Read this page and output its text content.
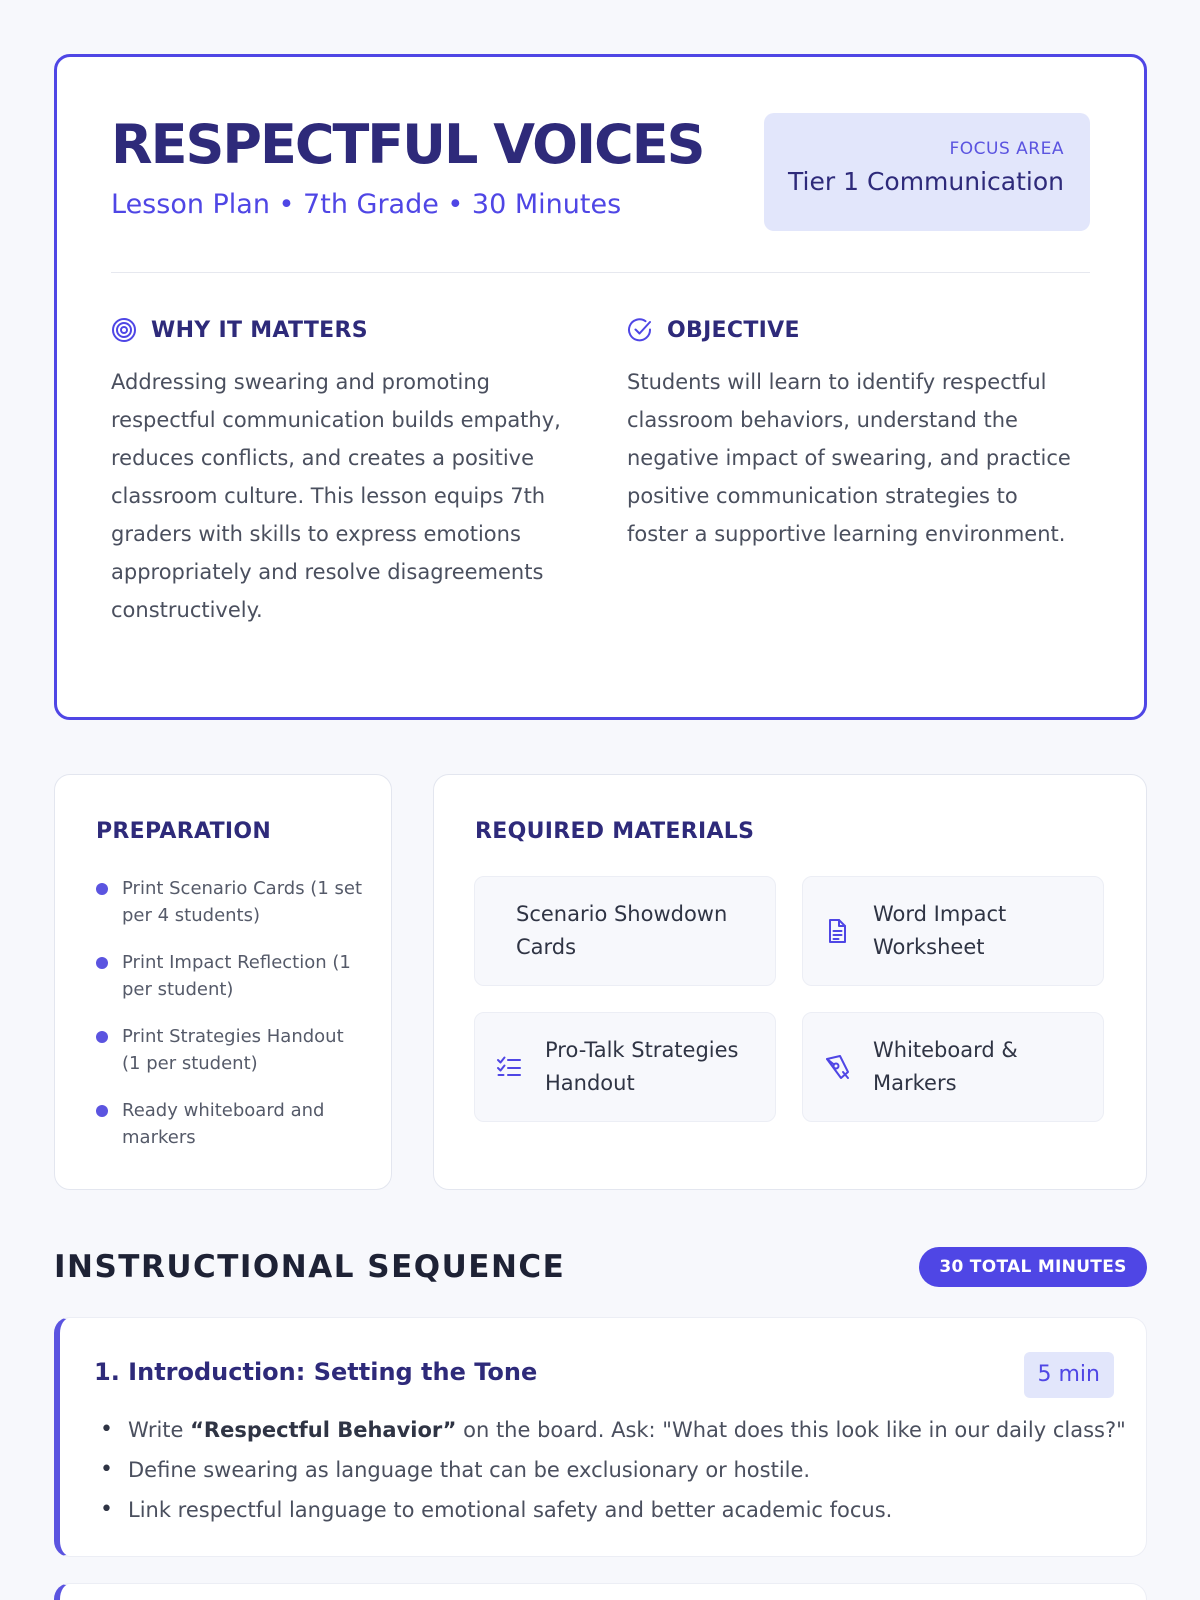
RESPECTFUL VOICES
Lesson Plan • 7th Grade • 30 Minutes
FOCUS AREA
Tier 1 Communication
WHY IT MATTERS

Addressing swearing and promoting respectful communication builds empathy, reduces conflicts, and creates a positive classroom culture. This lesson equips 7th graders with skills to express emotions appropriately and resolve disagreements constructively.

OBJECTIVE

Students will learn to identify respectful classroom behaviors, understand the negative impact of swearing, and practice positive communication strategies to foster a supportive learning environment.

PREPARATION
Print Scenario Cards (1 set per 4 students)
Print Impact Reflection (1 per student)
Print Strategies Handout (1 per student)
Ready whiteboard and markers
REQUIRED MATERIALS
Scenario Showdown Cards
Word Impact Worksheet
Pro-Talk Strategies Handout
Whiteboard & Markers
INSTRUCTIONAL SEQUENCE	30 TOTAL MINUTES
1. Introduction: Setting the Tone	5 min
• Write “Respectful Behavior” on the board. Ask: "What does this look like in our daily class?"
• Define swearing as language that can be exclusionary or hostile.
• Link respectful language to emotional safety and better academic focus.
